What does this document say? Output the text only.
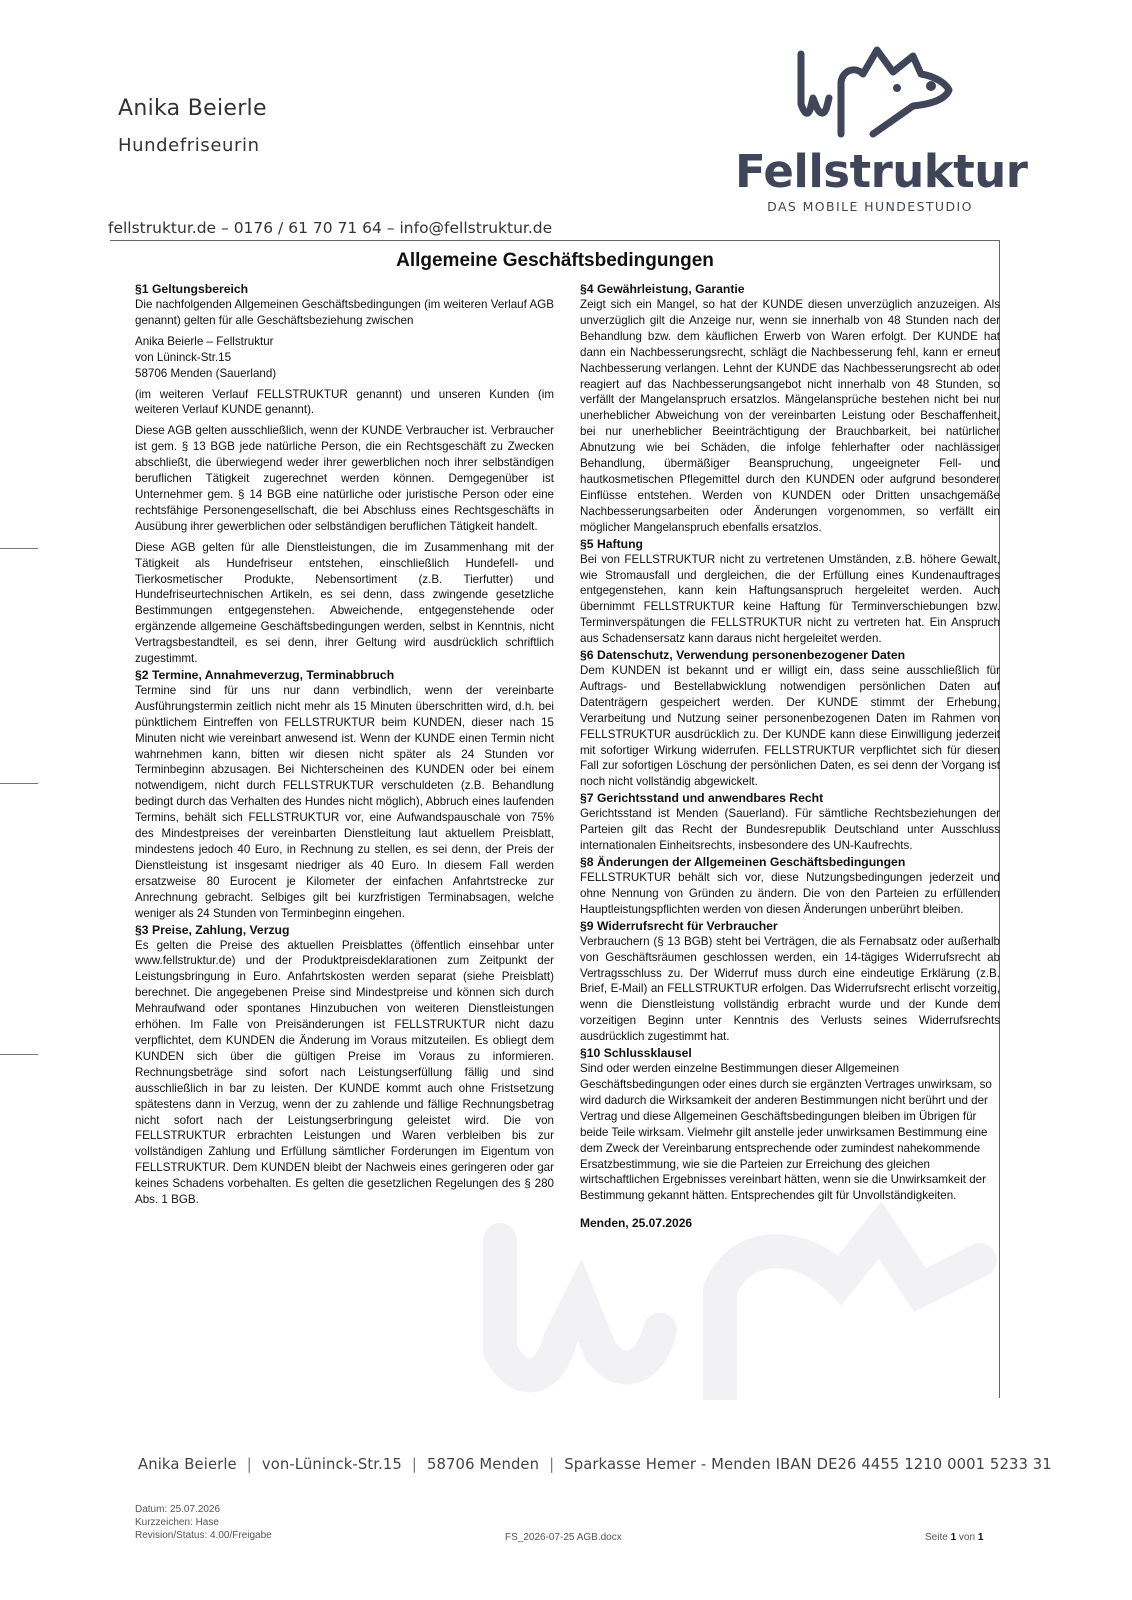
Anika Beierle
Hundefriseurin
fellstruktur.de – 0176 / 61 70 71 64 – info@fellstruktur.de
Fellstruktur
DAS MOBILE HUNDESTUDIO
Allgemeine Geschäftsbedingungen
§1 Geltungsbereich

Die nachfolgenden Allgemeinen Geschäftsbedingungen (im weiteren Verlauf AGB genannt) gelten für alle Geschäftsbeziehung zwischen

Anika Beierle – Fellstruktur

von Lüninck-Str.15

58706 Menden (Sauerland)

(im weiteren Verlauf FELLSTRUKTUR genannt) und unseren Kunden (im weiteren Verlauf KUNDE genannt).

Diese AGB gelten ausschließlich, wenn der KUNDE Verbraucher ist. Verbraucher ist gem. § 13 BGB jede natürliche Person, die ein Rechtsgeschäft zu Zwecken abschließt, die überwiegend weder ihrer gewerblichen noch ihrer selbständigen beruflichen Tätigkeit zugerechnet werden können. Demgegenüber ist Unternehmer gem. § 14 BGB eine natürliche oder juristische Person oder eine rechtsfähige Personengesellschaft, die bei Abschluss eines Rechtsgeschäfts in Ausübung ihrer gewerblichen oder selbständigen beruflichen Tätigkeit handelt.

Diese AGB gelten für alle Dienstleistungen, die im Zusammenhang mit der Tätigkeit als Hundefriseur entstehen, einschließlich Hundefell- und Tierkosmetischer Produkte, Nebensortiment (z.B. Tierfutter) und Hundefriseurtechnischen Artikeln, es sei denn, dass zwingende gesetzliche Bestimmungen entgegenstehen. Abweichende, entgegenstehende oder ergänzende allgemeine Geschäftsbedingungen werden, selbst in Kenntnis, nicht Vertragsbestandteil, es sei denn, ihrer Geltung wird ausdrücklich schriftlich zugestimmt.

§2 Termine, Annahmeverzug, Terminabbruch

Termine sind für uns nur dann verbindlich, wenn der vereinbarte Ausführungstermin zeitlich nicht mehr als 15 Minuten überschritten wird, d.h. bei pünktlichem Eintreffen von FELLSTRUKTUR beim KUNDEN, dieser nach 15 Minuten nicht wie vereinbart anwesend ist. Wenn der KUNDE einen Termin nicht wahrnehmen kann, bitten wir diesen nicht später als 24 Stunden vor Terminbeginn abzusagen. Bei Nichterscheinen des KUNDEN oder bei einem notwendigem, nicht durch FELLSTRUKTUR verschuldeten (z.B. Behandlung bedingt durch das Verhalten des Hundes nicht möglich), Abbruch eines laufenden Termins, behält sich FELLSTRUKTUR vor, eine Aufwandspauschale von 75% des Mindestpreises der vereinbarten Dienstleitung laut aktuellem Preisblatt, mindestens jedoch 40 Euro, in Rechnung zu stellen, es sei denn, der Preis der Dienstleistung ist insgesamt niedriger als 40 Euro. In diesem Fall werden ersatzweise 80 Eurocent je Kilometer der einfachen Anfahrtstrecke zur Anrechnung gebracht. Selbiges gilt bei kurzfristigen Terminabsagen, welche weniger als 24 Stunden von Terminbeginn eingehen.

§3 Preise, Zahlung, Verzug

Es gelten die Preise des aktuellen Preisblattes (öffentlich einsehbar unter www.fellstruktur.de) und der Produktpreisdeklarationen zum Zeitpunkt der Leistungsbringung in Euro. Anfahrtskosten werden separat (siehe Preisblatt) berechnet. Die angegebenen Preise sind Mindestpreise und können sich durch Mehraufwand oder spontanes Hinzubuchen von weiteren Dienstleistungen erhöhen. Im Falle von Preisänderungen ist FELLSTRUKTUR nicht dazu verpflichtet, dem KUNDEN die Änderung im Voraus mitzuteilen. Es obliegt dem KUNDEN sich über die gültigen Preise im Voraus zu informieren. Rechnungsbeträge sind sofort nach Leistungserfüllung fällig und sind ausschließlich in bar zu leisten. Der KUNDE kommt auch ohne Fristsetzung spätestens dann in Verzug, wenn der zu zahlende und fällige Rechnungsbetrag nicht sofort nach der Leistungserbringung geleistet wird. Die von FELLSTRUKTUR erbrachten Leistungen und Waren verbleiben bis zur vollständigen Zahlung und Erfüllung sämtlicher Forderungen im Eigentum von FELLSTRUKTUR. Dem KUNDEN bleibt der Nachweis eines geringeren oder gar keines Schadens vorbehalten. Es gelten die gesetzlichen Regelungen des § 280 Abs. 1 BGB.

§4 Gewährleistung, Garantie

Zeigt sich ein Mangel, so hat der KUNDE diesen unverzüglich anzuzeigen. Als unverzüglich gilt die Anzeige nur, wenn sie innerhalb von 48 Stunden nach der Behandlung bzw. dem käuflichen Erwerb von Waren erfolgt. Der KUNDE hat dann ein Nachbesserungsrecht, schlägt die Nachbesserung fehl, kann er erneut Nachbesserung verlangen. Lehnt der KUNDE das Nachbesserungsrecht ab oder reagiert auf das Nachbesserungsangebot nicht innerhalb von 48 Stunden, so verfällt der Mangelanspruch ersatzlos. Mängelansprüche bestehen nicht bei nur unerheblicher Abweichung von der vereinbarten Leistung oder Beschaffenheit, bei nur unerheblicher Beeinträchtigung der Brauchbarkeit, bei natürlicher Abnutzung wie bei Schäden, die infolge fehlerhafter oder nachlässiger Behandlung, übermäßiger Beanspruchung, ungeeigneter Fell- und hautkosmetischen Pflegemittel durch den KUNDEN oder aufgrund besonderer Einflüsse entstehen. Werden von KUNDEN oder Dritten unsachgemäße Nachbesserungsarbeiten oder Änderungen vorgenommen, so verfällt ein möglicher Mangelanspruch ebenfalls ersatzlos.

§5 Haftung

Bei von FELLSTRUKTUR nicht zu vertretenen Umständen, z.B. höhere Gewalt, wie Stromausfall und dergleichen, die der Erfüllung eines Kundenauftrages entgegenstehen, kann kein Haftungsanspruch hergeleitet werden. Auch übernimmt FELLSTRUKTUR keine Haftung für Terminverschiebungen bzw. Terminverspätungen die FELLSTRUKTUR nicht zu vertreten hat. Ein Anspruch aus Schadensersatz kann daraus nicht hergeleitet werden.

§6 Datenschutz, Verwendung personenbezogener Daten

Dem KUNDEN ist bekannt und er willigt ein, dass seine ausschließlich für Auftrags- und Bestellabwicklung notwendigen persönlichen Daten auf Datenträgern gespeichert werden. Der KUNDE stimmt der Erhebung, Verarbeitung und Nutzung seiner personenbezogenen Daten im Rahmen von FELLSTRUKTUR ausdrücklich zu. Der KUNDE kann diese Einwilligung jederzeit mit sofortiger Wirkung widerrufen. FELLSTRUKTUR verpflichtet sich für diesen Fall zur sofortigen Löschung der persönlichen Daten, es sei denn der Vorgang ist noch nicht vollständig abgewickelt.

§7 Gerichtsstand und anwendbares Recht

Gerichtsstand ist Menden (Sauerland). Für sämtliche Rechtsbeziehungen der Parteien gilt das Recht der Bundesrepublik Deutschland unter Ausschluss internationalen Einheitsrechts, insbesondere des UN-Kaufrechts.

§8 Änderungen der Allgemeinen Geschäftsbedingungen

FELLSTRUKTUR behält sich vor, diese Nutzungsbedingungen jederzeit und ohne Nennung von Gründen zu ändern. Die von den Parteien zu erfüllenden Hauptleistungspflichten werden von diesen Änderungen unberührt bleiben.

§9 Widerrufsrecht für Verbraucher

Verbrauchern (§ 13 BGB) steht bei Verträgen, die als Fernabsatz oder außerhalb von Geschäftsräumen geschlossen werden, ein 14-tägiges Widerrufsrecht ab Vertragsschluss zu. Der Widerruf muss durch eine eindeutige Erklärung (z.B. Brief, E-Mail) an FELLSTRUKTUR erfolgen. Das Widerrufsrecht erlischt vorzeitig, wenn die Dienstleistung vollständig erbracht wurde und der Kunde dem vorzeitigen Beginn unter Kenntnis des Verlusts seines Widerrufsrechts ausdrücklich zugestimmt hat.

§10 Schlussklausel

Sind oder werden einzelne Bestimmungen dieser Allgemeinen Geschäftsbedingungen oder eines durch sie ergänzten Vertrages unwirksam, so wird dadurch die Wirksamkeit der anderen Bestimmungen nicht berührt und der Vertrag und diese Allgemeinen Geschäftsbedingungen bleiben im Übrigen für beide Teile wirksam. Vielmehr gilt anstelle jeder unwirksamen Bestimmung eine dem Zweck der Vereinbarung entsprechende oder zumindest nahekommende Ersatzbestimmung, wie sie die Parteien zur Erreichung des gleichen wirtschaftlichen Ergebnisses vereinbart hätten, wenn sie die Unwirksamkeit der Bestimmung gekannt hätten. Entsprechendes gilt für Unvollständigkeiten.

Menden, 25.07.2026
Anika Beierle | von-Lüninck-Str.15 | 58706 Menden | Sparkasse Hemer - Menden IBAN DE26 4455 1210 0001 5233 31
Datum: 25.07.2026
Kurzzeichen: Hase
Revision/Status: 4.00/Freigabe	FS_2026-07-25 AGB.docx	Seite 1 von 1
